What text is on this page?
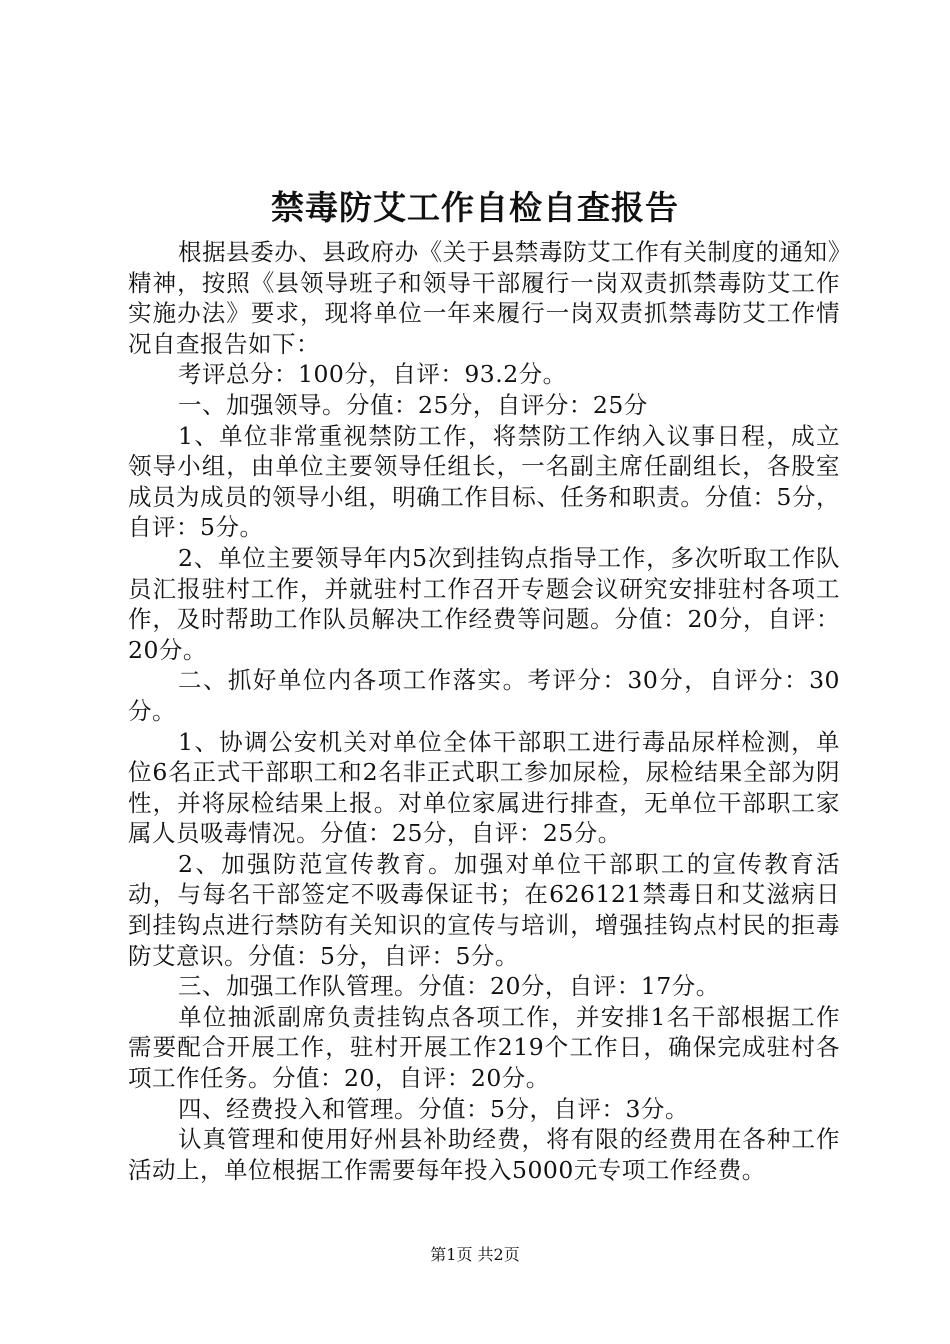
禁毒防艾工作自检自查报告

根据县委办、县政府办《关于县禁毒防艾工作有关制度的通知》精神，按照《县领导班子和领导干部履行一岗双责抓禁毒防艾工作实施办法》要求，现将单位一年来履行一岗双责抓禁毒防艾工作情况自查报告如下：

考评总分：100分，自评：93.2分。

一、加强领导。分值：25分，自评分：25分

1、单位非常重视禁防工作，将禁防工作纳入议事日程，成立领导小组，由单位主要领导任组长，一名副主席任副组长，各股室成员为成员的领导小组，明确工作目标、任务和职责。分值：5分，自评：5分。

2、单位主要领导年内5次到挂钩点指导工作，多次听取工作队员汇报驻村工作，并就驻村工作召开专题会议研究安排驻村各项工作，及时帮助工作队员解决工作经费等问题。分值：20分，自评：20分。

二、抓好单位内各项工作落实。考评分：30分，自评分：30分。

1、协调公安机关对单位全体干部职工进行毒品尿样检测，单位6名正式干部职工和2名非正式职工参加尿检，尿检结果全部为阴性，并将尿检结果上报。对单位家属进行排查，无单位干部职工家属人员吸毒情况。分值：25分，自评：25分。

2、加强防范宣传教育。加强对单位干部职工的宣传教育活动，与每名干部签定不吸毒保证书；在626121禁毒日和艾滋病日到挂钩点进行禁防有关知识的宣传与培训，增强挂钩点村民的拒毒防艾意识。分值：5分，自评：5分。

三、加强工作队管理。分值：20分，自评：17分。

单位抽派副席负责挂钩点各项工作，并安排1名干部根据工作需要配合开展工作，驻村开展工作219个工作日，确保完成驻村各项工作任务。分值：20，自评：20分。

四、经费投入和管理。分值：5分，自评：3分。

认真管理和使用好州县补助经费，将有限的经费用在各种工作活动上，单位根据工作需要每年投入5000元专项工作经费。

第1页 共2页
